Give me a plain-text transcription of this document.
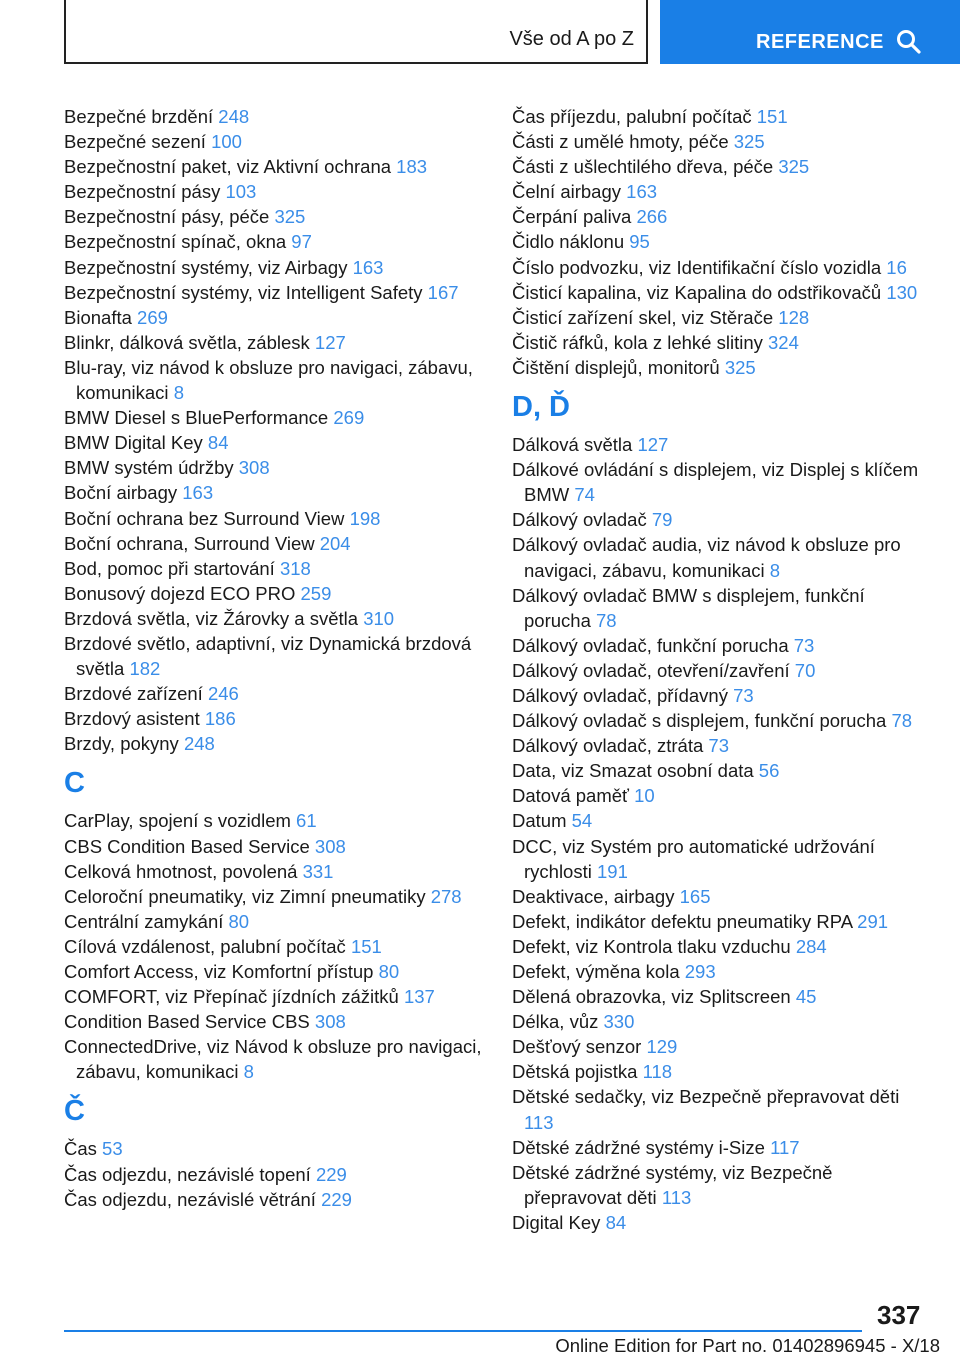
Vše od A po Z	REFERENCE
Bezpečné brzdění 248
Bezpečné sezení 100
Bezpečnostní paket, viz Aktivní ochrana 183
Bezpečnostní pásy 103
Bezpečnostní pásy, péče 325
Bezpečnostní spínač, okna 97
Bezpečnostní systémy, viz Airbagy 163
Bezpečnostní systémy, viz Intelligent Safety 167
Bionafta 269
Blinkr, dálková světla, záblesk 127
Blu-ray, viz návod k obsluze pro navigaci, zábavu, komunikaci 8
BMW Diesel s BluePerformance 269
BMW Digital Key 84
BMW systém údržby 308
Boční airbagy 163
Boční ochrana bez Surround View 198
Boční ochrana, Surround View 204
Bod, pomoc při startování 318
Bonusový dojezd ECO PRO 259
Brzdová světla, viz Žárovky a světla 310
Brzdové světlo, adaptivní, viz Dynamická brzdová světla 182
Brzdové zařízení 246
Brzdový asistent 186
Brzdy, pokyny 248
C
CarPlay, spojení s vozidlem 61
CBS Condition Based Service 308
Celková hmotnost, povolená 331
Celoroční pneumatiky, viz Zimní pneumatiky 278
Centrální zamykání 80
Cílová vzdálenost, palubní počítač 151
Comfort Access, viz Komfortní přístup 80
COMFORT, viz Přepínač jízdních zážitků 137
Condition Based Service CBS 308
ConnectedDrive, viz Návod k obsluze pro navigaci, zábavu, komunikaci 8
Č
Čas 53
Čas odjezdu, nezávislé topení 229
Čas odjezdu, nezávislé větrání 229
Čas příjezdu, palubní počítač 151
Části z umělé hmoty, péče 325
Části z ušlechtilého dřeva, péče 325
Čelní airbagy 163
Čerpání paliva 266
Čidlo náklonu 95
Číslo podvozku, viz Identifikační číslo vozidla 16
Čisticí kapalina, viz Kapalina do odstřikovačů 130
Čisticí zařízení skel, viz Stěrače 128
Čistič ráfků, kola z lehké slitiny 324
Čištění displejů, monitorů 325
D, Ď
Dálková světla 127
Dálkové ovládání s displejem, viz Displej s klíčem BMW 74
Dálkový ovladač 79
Dálkový ovladač audia, viz návod k obsluze pro navigaci, zábavu, komunikaci 8
Dálkový ovladač BMW s displejem, funkční porucha 78
Dálkový ovladač, funkční porucha 73
Dálkový ovladač, otevření/zavření 70
Dálkový ovladač, přídavný 73
Dálkový ovladač s displejem, funkční porucha 78
Dálkový ovladač, ztráta 73
Data, viz Smazat osobní data 56
Datová paměť 10
Datum 54
DCC, viz Systém pro automatické udržování rychlosti 191
Deaktivace, airbagy 165
Defekt, indikátor defektu pneumatiky RPA 291
Defekt, viz Kontrola tlaku vzduchu 284
Defekt, výměna kola 293
Dělená obrazovka, viz Splitscreen 45
Délka, vůz 330
Dešťový senzor 129
Dětská pojistka 118
Dětské sedačky, viz Bezpečně přepravovat děti 113
Dětské zádržné systémy i-Size 117
Dětské zádržné systémy, viz Bezpečně přepravovat děti 113
Digital Key 84
337
Online Edition for Part no. 01402896945 - X/18
